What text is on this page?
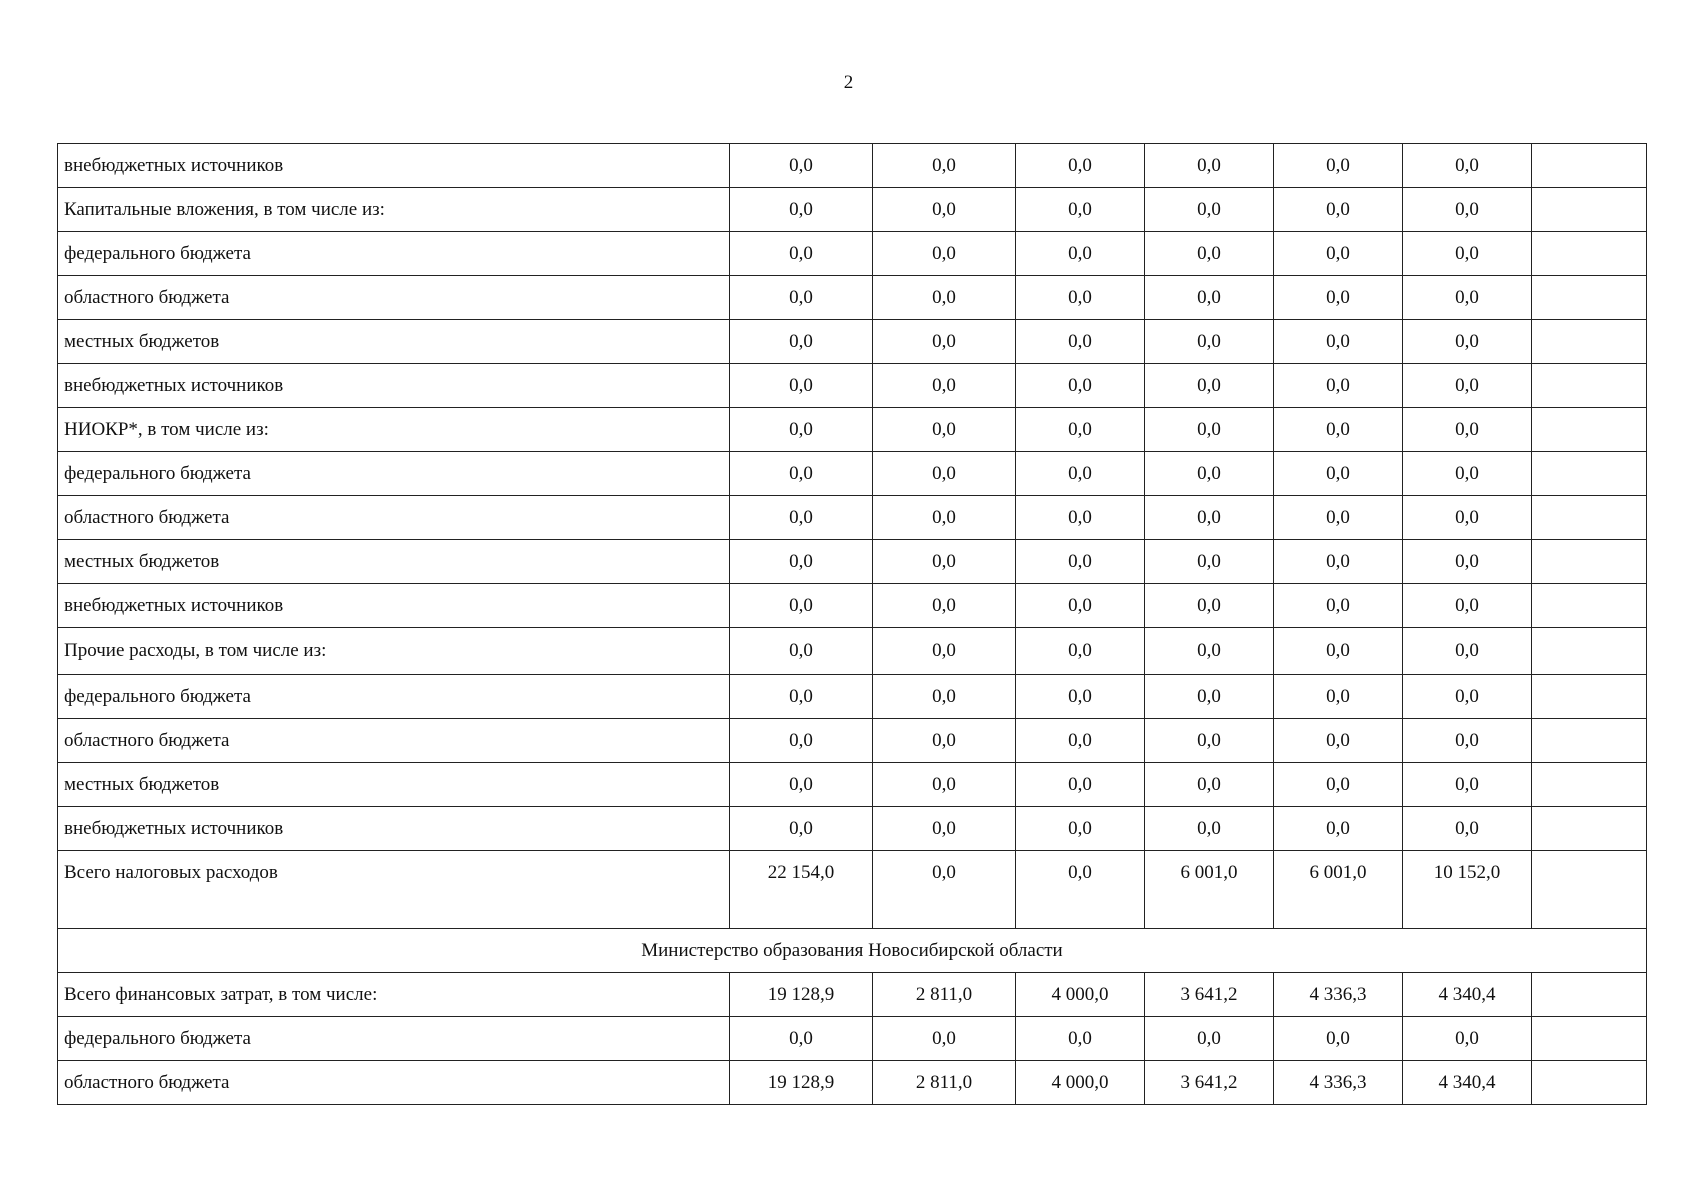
2
внебюджетных источников	0,0	0,0	0,0	0,0	0,0	0,0	
Капитальные вложения, в том числе из:	0,0	0,0	0,0	0,0	0,0	0,0	
федерального бюджета	0,0	0,0	0,0	0,0	0,0	0,0	
областного бюджета	0,0	0,0	0,0	0,0	0,0	0,0	
местных бюджетов	0,0	0,0	0,0	0,0	0,0	0,0	
внебюджетных источников	0,0	0,0	0,0	0,0	0,0	0,0	
НИОКР*, в том числе из:	0,0	0,0	0,0	0,0	0,0	0,0	
федерального бюджета	0,0	0,0	0,0	0,0	0,0	0,0	
областного бюджета	0,0	0,0	0,0	0,0	0,0	0,0	
местных бюджетов	0,0	0,0	0,0	0,0	0,0	0,0	
внебюджетных источников	0,0	0,0	0,0	0,0	0,0	0,0	
Прочие расходы, в том числе из:	0,0	0,0	0,0	0,0	0,0	0,0	
федерального бюджета	0,0	0,0	0,0	0,0	0,0	0,0	
областного бюджета	0,0	0,0	0,0	0,0	0,0	0,0	
местных бюджетов	0,0	0,0	0,0	0,0	0,0	0,0	
внебюджетных источников	0,0	0,0	0,0	0,0	0,0	0,0	
Всего налоговых расходов	22 154,0	0,0	0,0	6 001,0	6 001,0	10 152,0	
Министерство образования Новосибирской области							
Всего финансовых затрат, в том числе:	19 128,9	2 811,0	4 000,0	3 641,2	4 336,3	4 340,4	
федерального бюджета	0,0	0,0	0,0	0,0	0,0	0,0	
областного бюджета	19 128,9	2 811,0	4 000,0	3 641,2	4 336,3	4 340,4	
